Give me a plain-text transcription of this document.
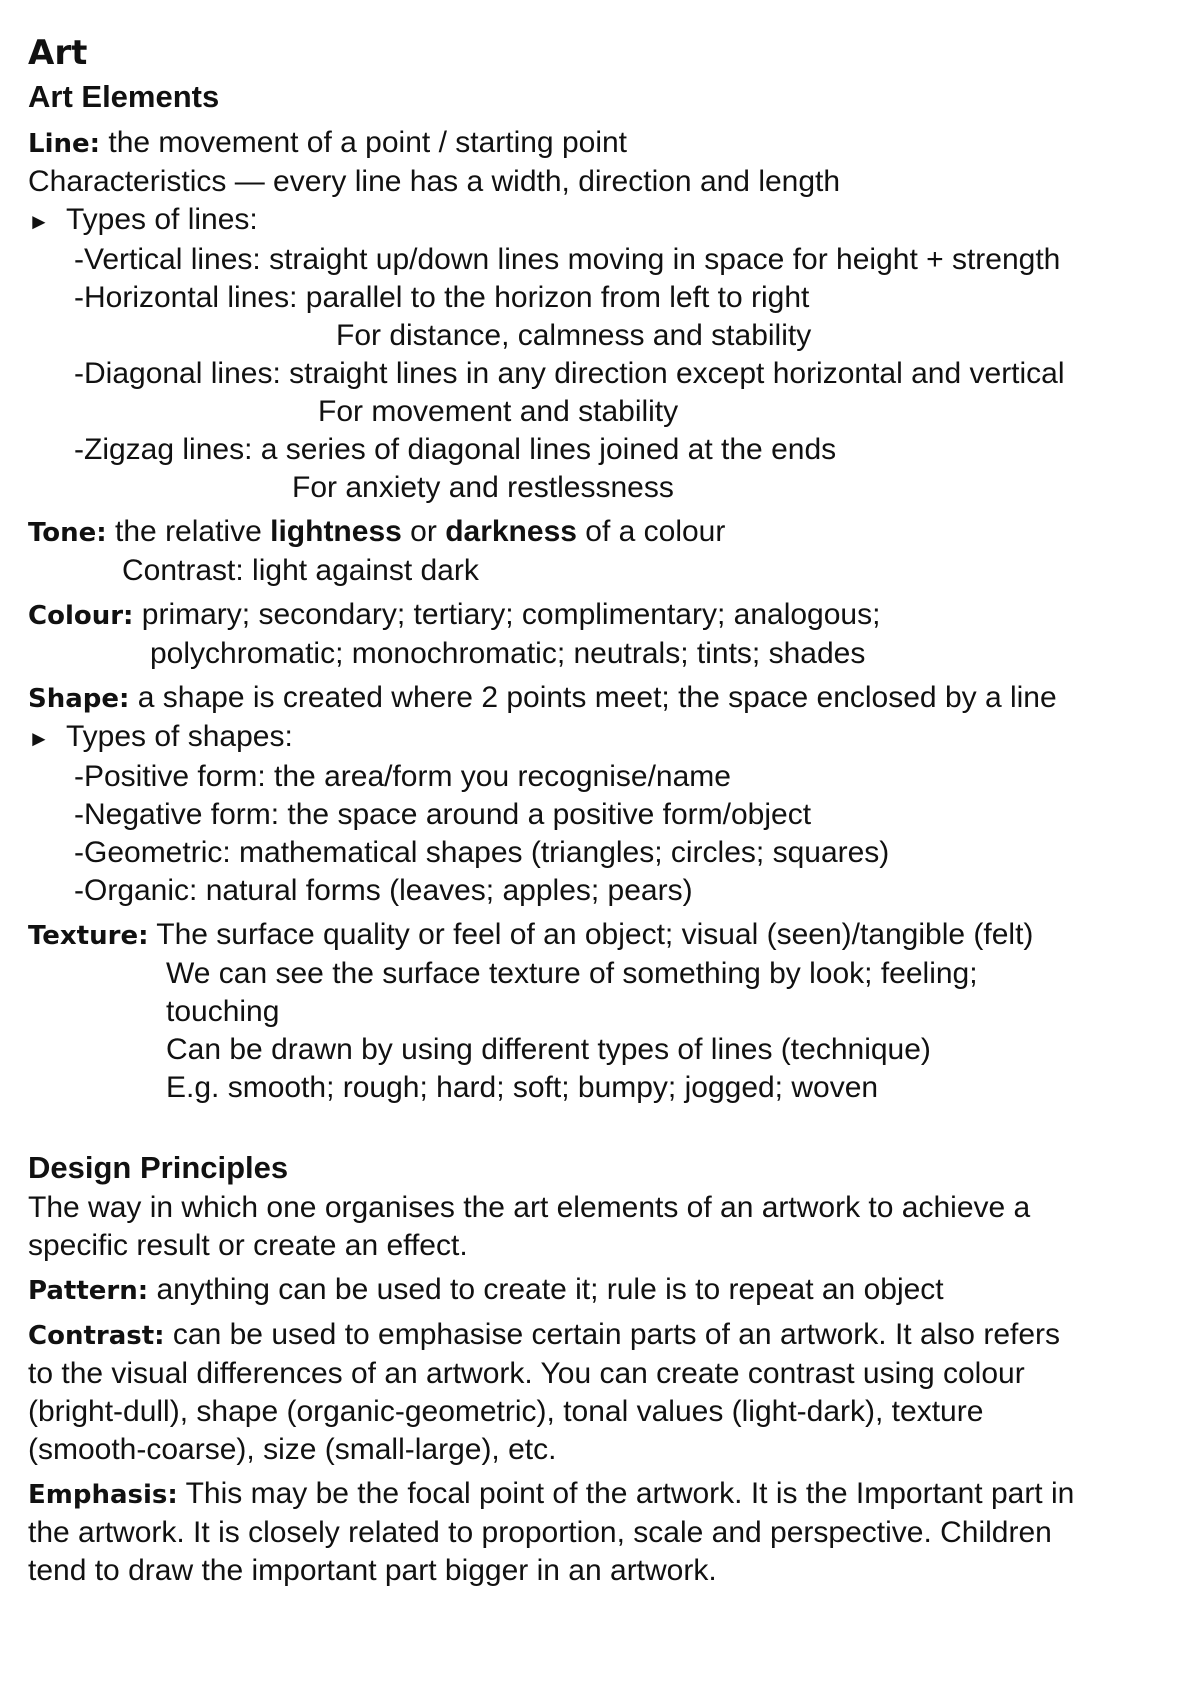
Art
Art Elements
Line: the movement of a point / starting point
Characteristics — every line has a width, direction and length
► Types of lines:
-Vertical lines: straight up/down lines moving in space for height + strength
-Horizontal lines: parallel to the horizon from left to right
For distance, calmness and stability
-Diagonal lines: straight lines in any direction except horizontal and vertical
For movement and stability
-Zigzag lines: a series of diagonal lines joined at the ends
For anxiety and restlessness
Tone: the relative lightness or darkness of a colour
Contrast: light against dark
Colour: primary; secondary; tertiary; complimentary; analogous;
polychromatic; monochromatic; neutrals; tints; shades
Shape: a shape is created where 2 points meet; the space enclosed by a line
► Types of shapes:
-Positive form: the area/form you recognise/name
-Negative form: the space around a positive form/object
-Geometric: mathematical shapes (triangles; circles; squares)
-Organic: natural forms (leaves; apples; pears)
Texture: The surface quality or feel of an object; visual (seen)/tangible (felt)
We can see the surface texture of something by look; feeling;
touching
Can be drawn by using different types of lines (technique)
E.g. smooth; rough; hard; soft; bumpy; jogged; woven
Design Principles
The way in which one organises the art elements of an artwork to achieve a
specific result or create an effect.
Pattern: anything can be used to create it; rule is to repeat an object
Contrast: can be used to emphasise certain parts of an artwork. It also refers
to the visual differences of an artwork. You can create contrast using colour
(bright-dull), shape (organic-geometric), tonal values (light-dark), texture
(smooth-coarse), size (small-large), etc.
Emphasis: This may be the focal point of the artwork. It is the Important part in
the artwork. It is closely related to proportion, scale and perspective. Children
tend to draw the important part bigger in an artwork.
